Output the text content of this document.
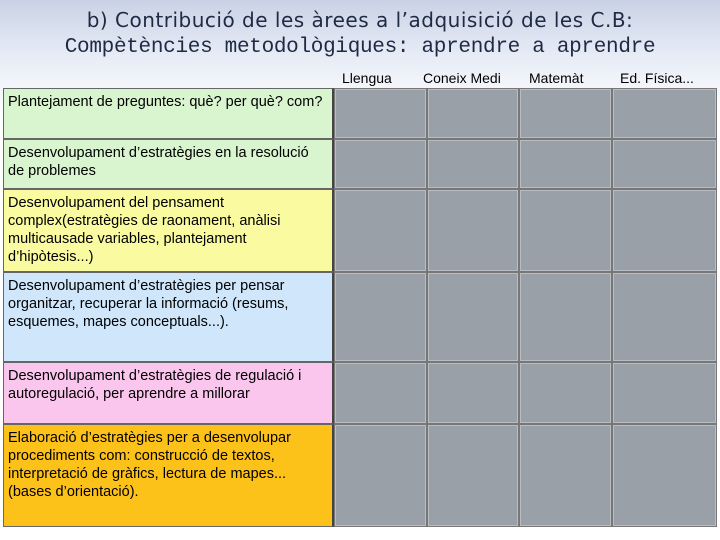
b) Contribució de les àrees a l’adquisició de les C.B:
Compètències metodològiques: aprendre a aprendre
Llengua Coneix Medi Matemàt	Ed. Física...
Plantejament de preguntes: què? per què? com?
Desenvolupament d’estratègies en la resolució de problemes
Desenvolupament del pensament complex(estratègies de raonament, anàlisi multicausade variables, plantejament d’hipòtesis...)
Desenvolupament d’estratègies per pensar organitzar, recuperar la informació (resums, esquemes, mapes conceptuals...).
Desenvolupament d’estratègies de regulació i autoregulació, per aprendre a millorar
Elaboració d’estratègies per a desenvolupar procediments com: construcció de textos, interpretació de gràfics, lectura de mapes... (bases d’orientació).
